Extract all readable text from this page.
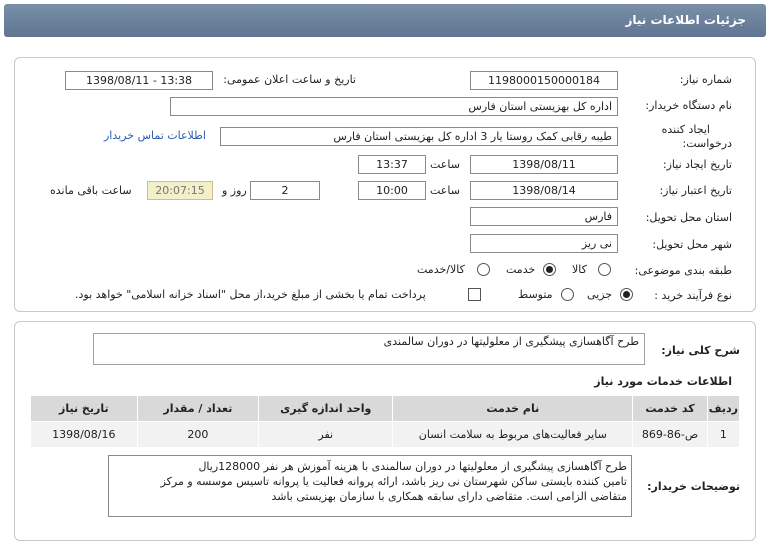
جزئیات اطلاعات نیاز
شماره نیاز:
1198000150000184
تاریخ و ساعت اعلان عمومی:
1398/08/11 - 13:38
نام دستگاه خریدار:
اداره کل بهزیستی استان فارس
ایجاد کننده
درخواست:
طیبه رقابی کمک روستا یار 3 اداره کل بهزیستی استان فارس
اطلاعات تماس خریدار
تاریخ ایجاد نیاز:
1398/08/11
ساعت
13:37
تاریخ اعتبار نیاز:
1398/08/14
ساعت
10:00
2
روز و
20:07:15
ساعت باقی مانده
استان محل تحویل:
فارس
شهر محل تحویل:
نی ریز
طبقه بندی موضوعی:
کالا
خدمت
کالا/خدمت
نوع فرآیند خرید :
جزیی
متوسط
پرداخت تمام یا بخشی از مبلغ خرید،از محل "اسناد خزانه اسلامی" خواهد بود.
شرح کلی نیاز:
طرح آگاهسازی پیشگیری از معلولیتها در دوران سالمندی
اطلاعات خدمات مورد نیاز
ردیف	کد خدمت	نام خدمت	واحد اندازه گیری	تعداد / مقدار	تاریخ نیاز
1	ص-86-869	سایر فعالیت‌های مربوط به سلامت انسان	نفر	200	1398/08/16
توضیحات خریدار:
طرح آگاهسازی پیشگیری از معلولیتها در دوران سالمندی با هزینه آموزش هر نفر 128000ریال
تامین کننده بایستی ساکن شهرستان نی ریز باشد، ارائه پروانه فعالیت یا پروانه تاسیس موسسه و مرکز
متقاضی الزامی است. متقاضی دارای سابقه همکاری با سازمان بهزیستی باشد
